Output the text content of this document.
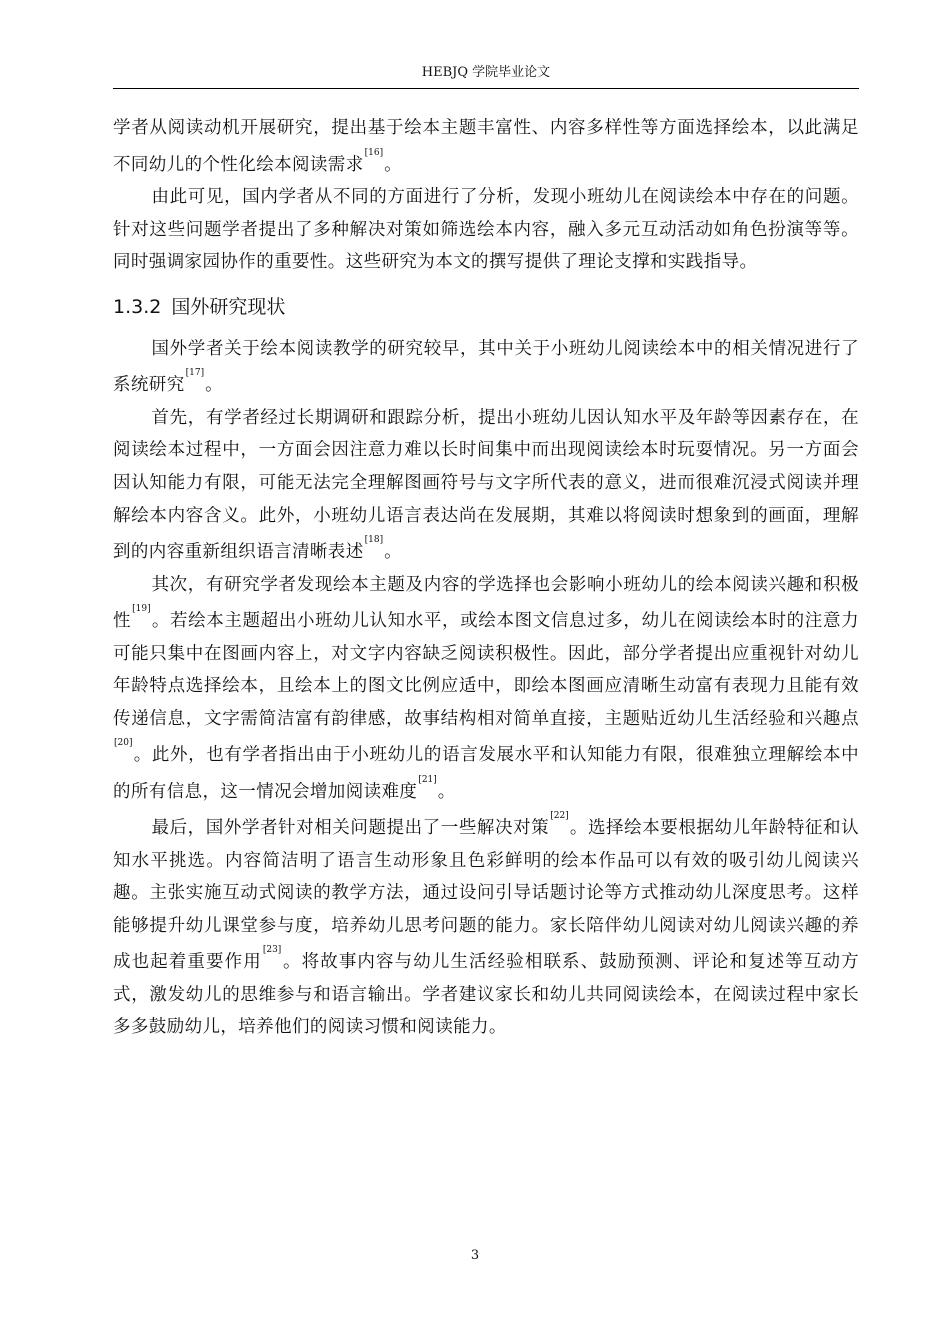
HEBJQ 学院毕业论文

学者从阅读动机开展研究，提出基于绘本主题丰富性、内容多样性等方面选择绘本，以此满足不同幼儿的个性化绘本阅读需求[16]。

由此可见，国内学者从不同的方面进行了分析，发现小班幼儿在阅读绘本中存在的问题。针对这些问题学者提出了多种解决对策如筛选绘本内容，融入多元互动活动如角色扮演等等。同时强调家园协作的重要性。这些研究为本文的撰写提供了理论支撑和实践指导。

1.3.2 国外研究现状

国外学者关于绘本阅读教学的研究较早，其中关于小班幼儿阅读绘本中的相关情况进行了系统研究[17]。

首先，有学者经过长期调研和跟踪分析，提出小班幼儿因认知水平及年龄等因素存在，在阅读绘本过程中，一方面会因注意力难以长时间集中而出现阅读绘本时玩耍情况。另一方面会因认知能力有限，可能无法完全理解图画符号与文字所代表的意义，进而很难沉浸式阅读并理解绘本内容含义。此外，小班幼儿语言表达尚在发展期，其难以将阅读时想象到的画面，理解到的内容重新组织语言清晰表述[18]。

其次，有研究学者发现绘本主题及内容的学选择也会影响小班幼儿的绘本阅读兴趣和积极性[19]。若绘本主题超出小班幼儿认知水平，或绘本图文信息过多，幼儿在阅读绘本时的注意力可能只集中在图画内容上，对文字内容缺乏阅读积极性。因此，部分学者提出应重视针对幼儿年龄特点选择绘本，且绘本上的图文比例应适中，即绘本图画应清晰生动富有表现力且能有效传递信息，文字需简洁富有韵律感，故事结构相对简单直接，主题贴近幼儿生活经验和兴趣点[20]。此外，也有学者指出由于小班幼儿的语言发展水平和认知能力有限，很难独立理解绘本中的所有信息，这一情况会增加阅读难度[21]。

最后，国外学者针对相关问题提出了一些解决对策[22]。选择绘本要根据幼儿年龄特征和认知水平挑选。内容简洁明了语言生动形象且色彩鲜明的绘本作品可以有效的吸引幼儿阅读兴趣。主张实施互动式阅读的教学方法，通过设问引导话题讨论等方式推动幼儿深度思考。这样能够提升幼儿课堂参与度，培养幼儿思考问题的能力。家长陪伴幼儿阅读对幼儿阅读兴趣的养成也起着重要作用[23]。将故事内容与幼儿生活经验相联系、鼓励预测、评论和复述等互动方式，激发幼儿的思维参与和语言输出。学者建议家长和幼儿共同阅读绘本，在阅读过程中家长多多鼓励幼儿，培养他们的阅读习惯和阅读能力。

3
